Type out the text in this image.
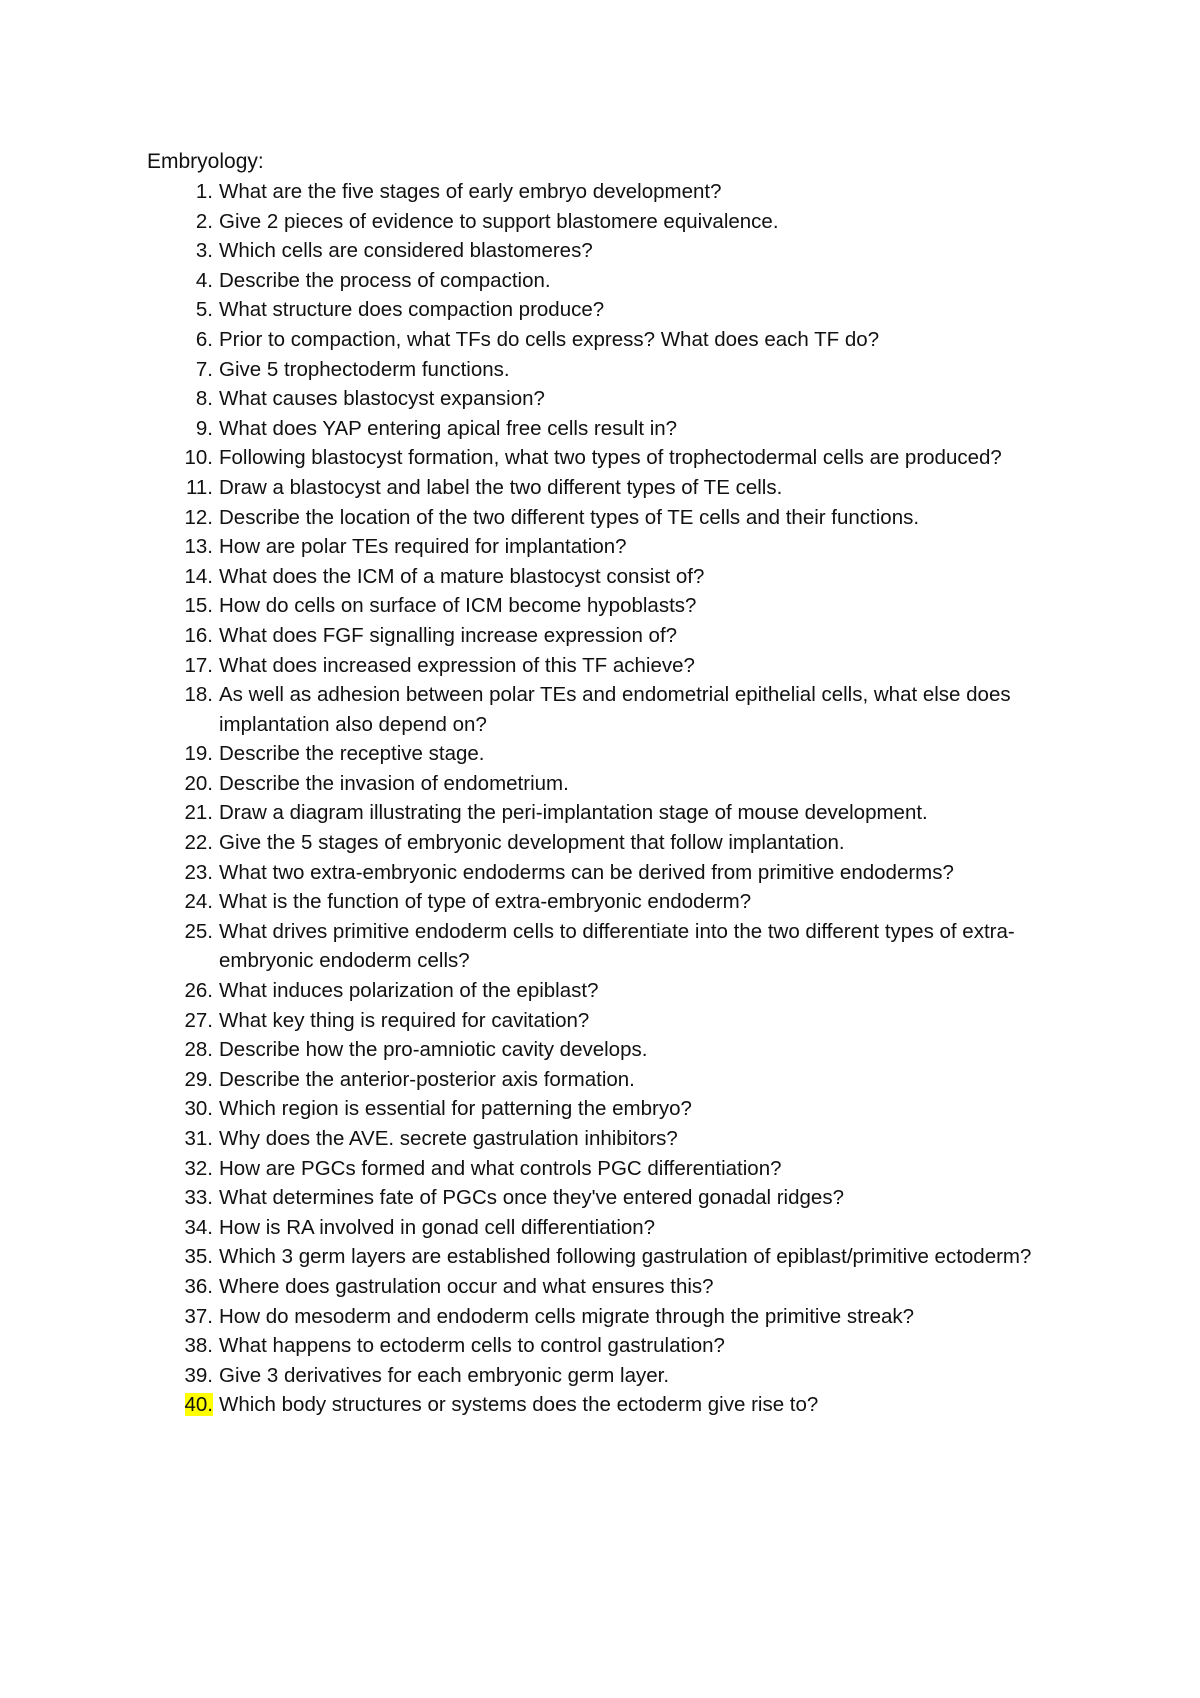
Embryology:
1. What are the five stages of early embryo development?
2. Give 2 pieces of evidence to support blastomere equivalence.
3. Which cells are considered blastomeres?
4. Describe the process of compaction.
5. What structure does compaction produce?
6. Prior to compaction, what TFs do cells express? What does each TF do?
7. Give 5 trophectoderm functions.
8. What causes blastocyst expansion?
9. What does YAP entering apical free cells result in?
10. Following blastocyst formation, what two types of trophectodermal cells are produced?
11. Draw a blastocyst and label the two different types of TE cells.
12. Describe the location of the two different types of TE cells and their functions.
13. How are polar TEs required for implantation?
14. What does the ICM of a mature blastocyst consist of?
15. How do cells on surface of ICM become hypoblasts?
16. What does FGF signalling increase expression of?
17. What does increased expression of this TF achieve?
18. As well as adhesion between polar TEs and endometrial epithelial cells, what else does implantation also depend on?
19. Describe the receptive stage.
20. Describe the invasion of endometrium.
21. Draw a diagram illustrating the peri-implantation stage of mouse development.
22. Give the 5 stages of embryonic development that follow implantation.
23. What two extra-embryonic endoderms can be derived from primitive endoderms?
24. What is the function of type of extra-embryonic endoderm?
25. What drives primitive endoderm cells to differentiate into the two different types of extra-embryonic endoderm cells?
26. What induces polarization of the epiblast?
27. What key thing is required for cavitation?
28. Describe how the pro-amniotic cavity develops.
29. Describe the anterior-posterior axis formation.
30. Which region is essential for patterning the embryo?
31. Why does the AVE. secrete gastrulation inhibitors?
32. How are PGCs formed and what controls PGC differentiation?
33. What determines fate of PGCs once they've entered gonadal ridges?
34. How is RA involved in gonad cell differentiation?
35. Which 3 germ layers are established following gastrulation of epiblast/primitive ectoderm?
36. Where does gastrulation occur and what ensures this?
37. How do mesoderm and endoderm cells migrate through the primitive streak?
38. What happens to ectoderm cells to control gastrulation?
39. Give 3 derivatives for each embryonic germ layer.
40. Which body structures or systems does the ectoderm give rise to?
